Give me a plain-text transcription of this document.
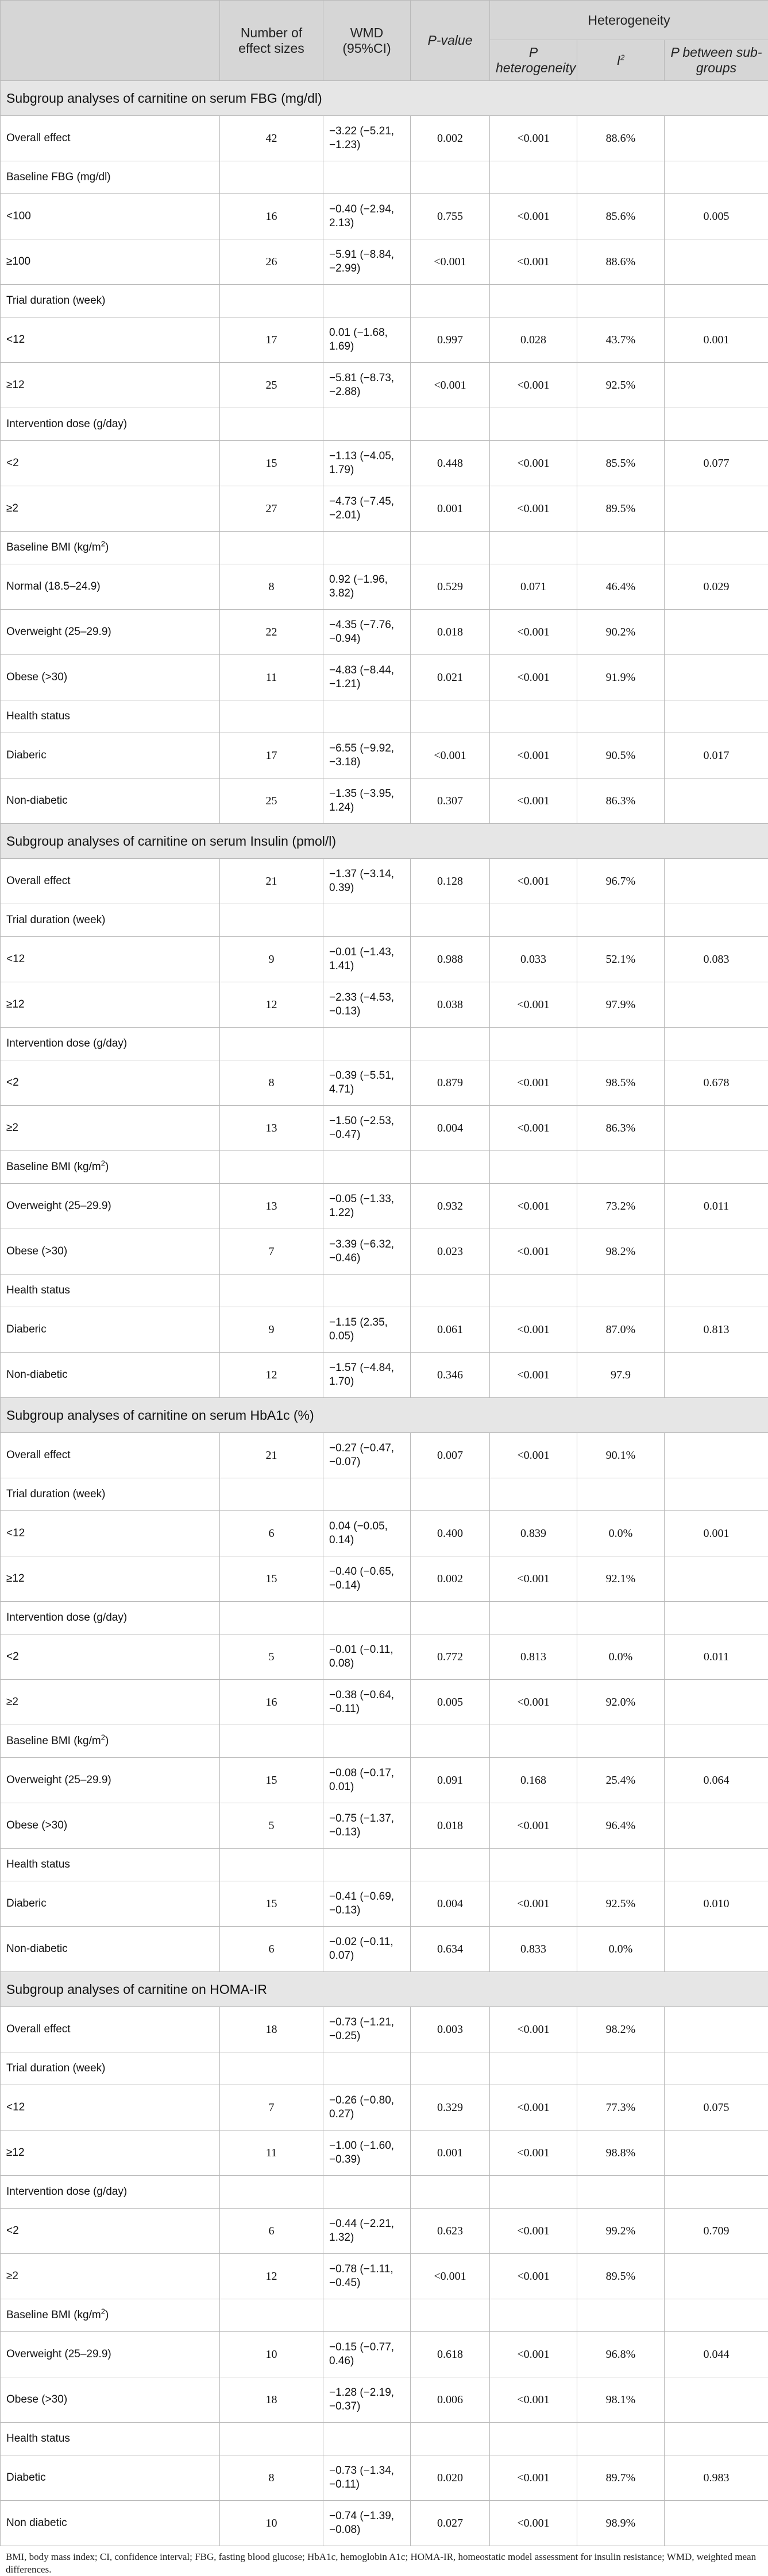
	Number of effect sizes	WMD (95%CI)	P-value	Heterogeneity		
				P heterogeneity	$I^2$	P between sub-groups
Subgroup analyses of carnitine on serum FBG (mg/dl)						
Overall effect	42	−3.22 (−5.21, −1.23)	0.002	<0.001	88.6%	
Baseline FBG (mg/dl)						
<100	16	−0.40 (−2.94, 2.13)	0.755	<0.001	85.6%	0.005
≥100	26	−5.91 (−8.84, −2.99)	<0.001	<0.001	88.6%	
Trial duration (week)						
<12	17	0.01 (−1.68, 1.69)	0.997	0.028	43.7%	0.001
≥12	25	−5.81 (−8.73, −2.88)	<0.001	<0.001	92.5%	
Intervention dose (g/day)						
<2	15	−1.13 (−4.05, 1.79)	0.448	<0.001	85.5%	0.077
≥2	27	−4.73 (−7.45, −2.01)	0.001	<0.001	89.5%	
Baseline BMI $(kg/m^2)$						
Normal (18.5–24.9)	8	0.92 (−1.96, 3.82)	0.529	0.071	46.4%	0.029
Overweight (25–29.9)	22	−4.35 (−7.76, −0.94)	0.018	<0.001	90.2%	
Obese (>30)	11	−4.83 (−8.44, −1.21)	0.021	<0.001	91.9%	
Health status						
Diaberic	17	−6.55 (−9.92, −3.18)	<0.001	<0.001	90.5%	0.017
Non-diabetic	25	−1.35 (−3.95, 1.24)	0.307	<0.001	86.3%	
Subgroup analyses of carnitine on serum Insulin (pmol/l)						
Overall effect	21	−1.37 (−3.14, 0.39)	0.128	<0.001	96.7%	
Trial duration (week)						
<12	9	−0.01 (−1.43, 1.41)	0.988	0.033	52.1%	0.083
≥12	12	−2.33 (−4.53, −0.13)	0.038	<0.001	97.9%	
Intervention dose (g/day)						
<2	8	−0.39 (−5.51, 4.71)	0.879	<0.001	98.5%	0.678
≥2	13	−1.50 (−2.53, −0.47)	0.004	<0.001	86.3%	
Baseline BMI $(kg/m^2)$						
Overweight (25–29.9)	13	−0.05 (−1.33, 1.22)	0.932	<0.001	73.2%	0.011
Obese (>30)	7	−3.39 (−6.32, −0.46)	0.023	<0.001	98.2%	
Health status						
Diaberic	9	−1.15 (2.35, 0.05)	0.061	<0.001	87.0%	0.813
Non-diabetic	12	−1.57 (−4.84, 1.70)	0.346	<0.001	97.9	
Subgroup analyses of carnitine on serum HbA1c (%)						
Overall effect	21	−0.27 (−0.47, −0.07)	0.007	<0.001	90.1%	
Trial duration (week)						
<12	6	0.04 (−0.05, 0.14)	0.400	0.839	0.0%	0.001
≥12	15	−0.40 (−0.65, −0.14)	0.002	<0.001	92.1%	
Intervention dose (g/day)						
<2	5	−0.01 (−0.11, 0.08)	0.772	0.813	0.0%	0.011
≥2	16	−0.38 (−0.64, −0.11)	0.005	<0.001	92.0%	
Baseline BMI $(kg/m^2)$						
Overweight (25–29.9)	15	−0.08 (−0.17, 0.01)	0.091	0.168	25.4%	0.064
Obese (>30)	5	−0.75 (−1.37, −0.13)	0.018	<0.001	96.4%	
Health status						
Diaberic	15	−0.41 (−0.69, −0.13)	0.004	<0.001	92.5%	0.010
Non-diabetic	6	−0.02 (−0.11, 0.07)	0.634	0.833	0.0%	
Subgroup analyses of carnitine on HOMA-IR						
Overall effect	18	−0.73 (−1.21, −0.25)	0.003	<0.001	98.2%	
Trial duration (week)						
<12	7	−0.26 (−0.80, 0.27)	0.329	<0.001	77.3%	0.075
≥12	11	−1.00 (−1.60, −0.39)	0.001	<0.001	98.8%	
Intervention dose (g/day)						
<2	6	−0.44 (−2.21, 1.32)	0.623	<0.001	99.2%	0.709
≥2	12	−0.78 (−1.11, −0.45)	<0.001	<0.001	89.5%	
Baseline BMI $(kg/m^2)$						
Overweight (25–29.9)	10	−0.15 (−0.77, 0.46)	0.618	<0.001	96.8%	0.044
Obese (>30)	18	−1.28 (−2.19, −0.37)	0.006	<0.001	98.1%	
Health status						
Diabetic	8	−0.73 (−1.34, −0.11)	0.020	<0.001	89.7%	0.983
Non diabetic	10	−0.74 (−1.39, −0.08)	0.027	<0.001	98.9%	
BMI, body mass index; CI, confidence interval; FBG, fasting blood glucose; HbA1c, hemoglobin A1c; HOMA-IR, homeostatic model assessment for insulin resistance; WMD, weighted mean differences.
